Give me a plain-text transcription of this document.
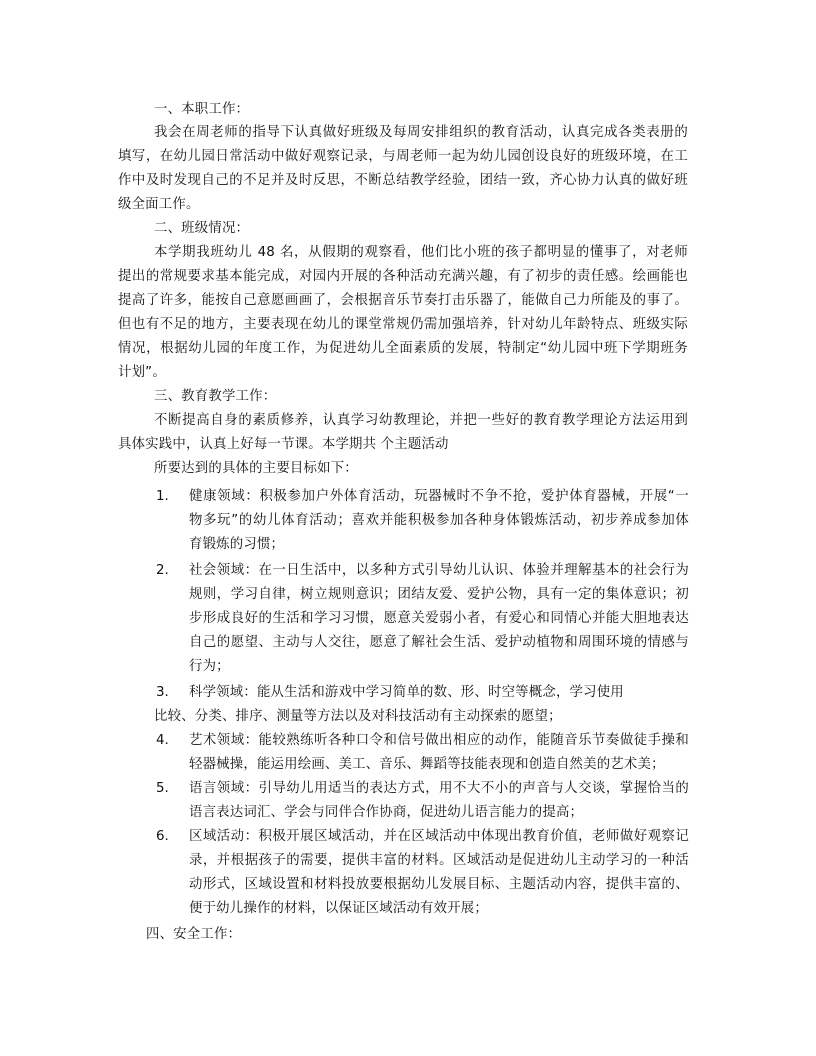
一、本职工作：
我会在周老师的指导下认真做好班级及每周安排组织的教育活动，认真完成各类表册的
填写，在幼儿园日常活动中做好观察记录，与周老师一起为幼儿园创设良好的班级环境，在工
作中及时发现自己的不足并及时反思，不断总结教学经验，团结一致，齐心协力认真的做好班
级全面工作。
二、班级情况：
本学期我班幼儿 48 名，从假期的观察看，他们比小班的孩子都明显的懂事了，对老师
提出的常规要求基本能完成，对园内开展的各种活动充满兴趣，有了初步的责任感。绘画能也
提高了许多，能按自己意愿画画了，会根据音乐节奏打击乐器了，能做自己力所能及的事了。
但也有不足的地方，主要表现在幼儿的课堂常规仍需加强培养，针对幼儿年龄特点、班级实际
情况，根据幼儿园的年度工作，为促进幼儿全面素质的发展，特制定“幼儿园中班下学期班务
计划”。
三、教育教学工作：
不断提高自身的素质修养，认真学习幼教理论，并把一些好的教育教学理论方法运用到
具体实践中，认真上好每一节课。本学期共 个主题活动
所要达到的具体的主要目标如下：
1. 健康领域：积极参加户外体育活动，玩器械时不争不抢，爱护体育器械，开展“一
物多玩”的幼儿体育活动；喜欢并能积极参加各种身体锻炼活动，初步养成参加体
育锻炼的习惯；
2. 社会领域：在一日生活中，以多种方式引导幼儿认识、体验并理解基本的社会行为
规则，学习自律，树立规则意识；团结友爱、爱护公物，具有一定的集体意识；初
步形成良好的生活和学习习惯，愿意关爱弱小者，有爱心和同情心并能大胆地表达
自己的愿望、主动与人交往，愿意了解社会生活、爱护动植物和周围环境的情感与
行为；
3. 科学领域：能从生活和游戏中学习简单的数、形、时空等概念，学习使用
比较、分类、排序、测量等方法以及对科技活动有主动探索的愿望；
4. 艺术领域：能较熟练听各种口令和信号做出相应的动作，能随音乐节奏做徒手操和
轻器械操，能运用绘画、美工、音乐、舞蹈等技能表现和创造自然美的艺术美；
5. 语言领域：引导幼儿用适当的表达方式，用不大不小的声音与人交谈，掌握恰当的
语言表达词汇、学会与同伴合作协商，促进幼儿语言能力的提高；
6. 区域活动：积极开展区域活动，并在区域活动中体现出教育价值，老师做好观察记
录，并根据孩子的需要，提供丰富的材料。区域活动是促进幼儿主动学习的一种活
动形式，区域设置和材料投放要根据幼儿发展目标、主题活动内容，提供丰富的、
便于幼儿操作的材料，以保证区域活动有效开展；
四、安全工作：
